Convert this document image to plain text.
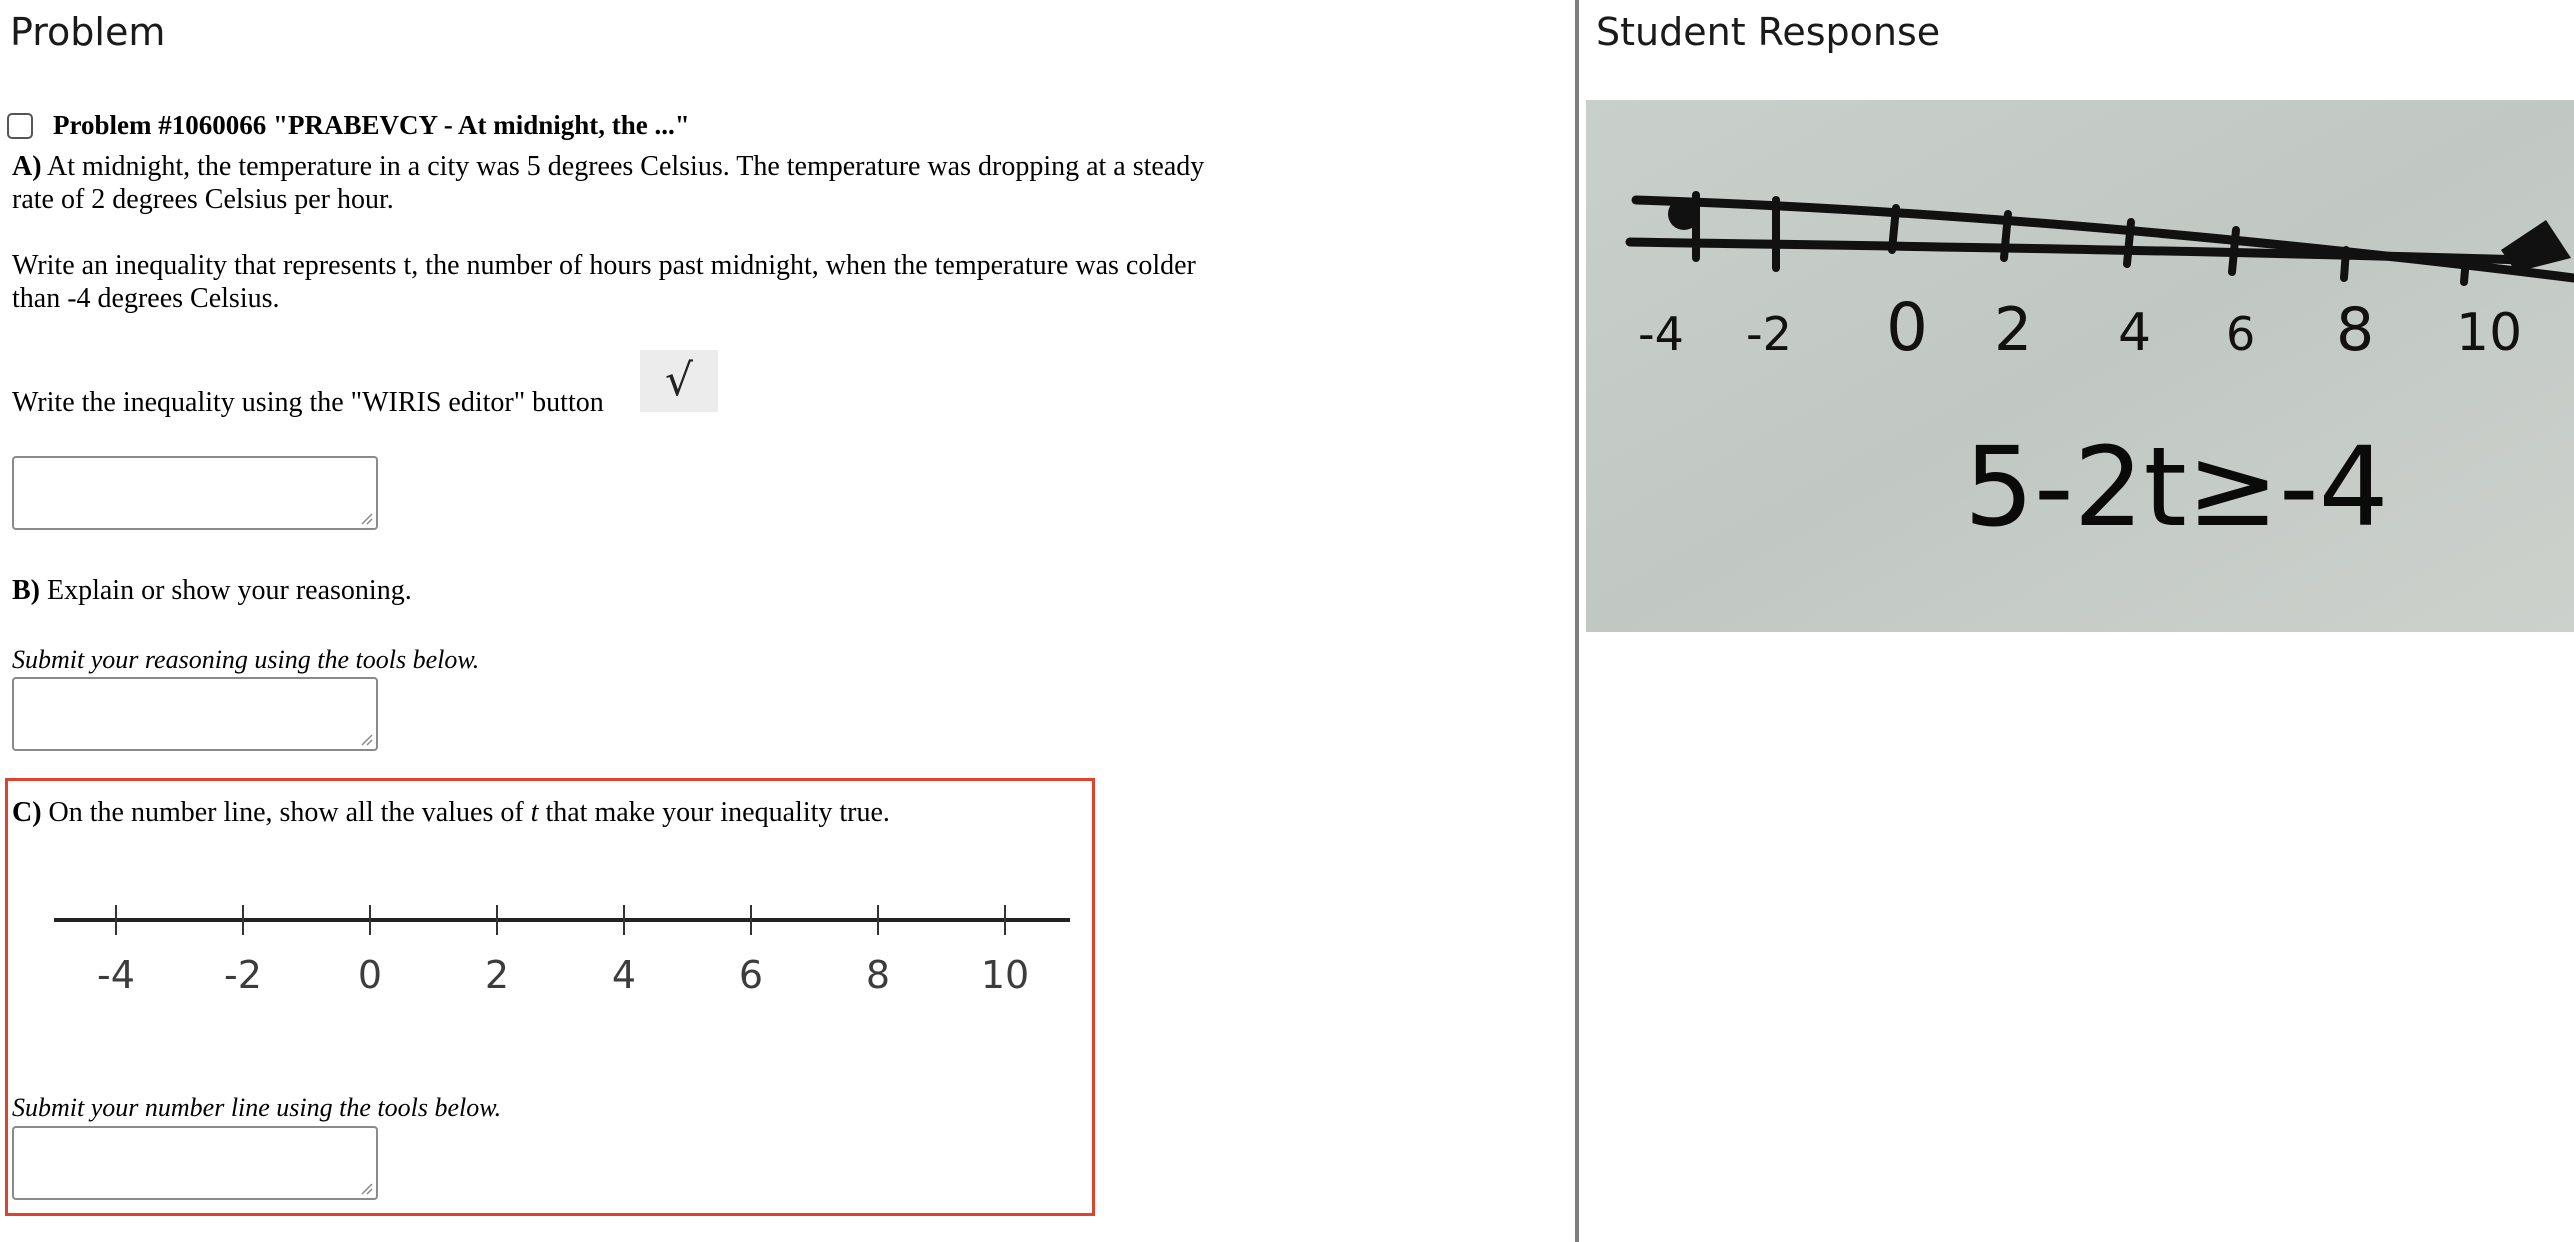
Problem	Student Response
Problem #1060066 "PRABEVCY - At midnight, the ..."
A) At midnight, the temperature in a city was 5 degrees Celsius. The temperature was dropping at a steady
rate of 2 degrees Celsius per hour.
Write an inequality that represents t, the number of hours past midnight, when the temperature was colder
than -4 degrees Celsius.
Write the inequality using the "WIRIS editor" button	√
B) Explain or show your reasoning.
Submit your reasoning using the tools below.
C) On the number line, show all the values of t that make your inequality true.
-4 -2	0	2	4	6	8 10
Submit your number line using the tools below.
-4 -2 0 2 4 6 8 10
5-2t≥-4
